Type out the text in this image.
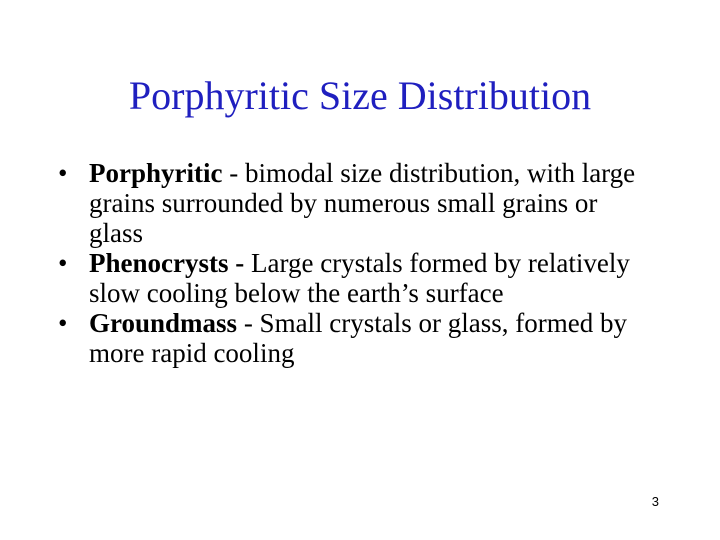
Porphyritic Size Distribution
• Porphyritic - bimodal size distribution, with large grains surrounded by numerous small grains or glass
• Phenocrysts - Large crystals formed by relatively slow cooling below the earth’s surface
• Groundmass - Small crystals or glass, formed by more rapid cooling
3
